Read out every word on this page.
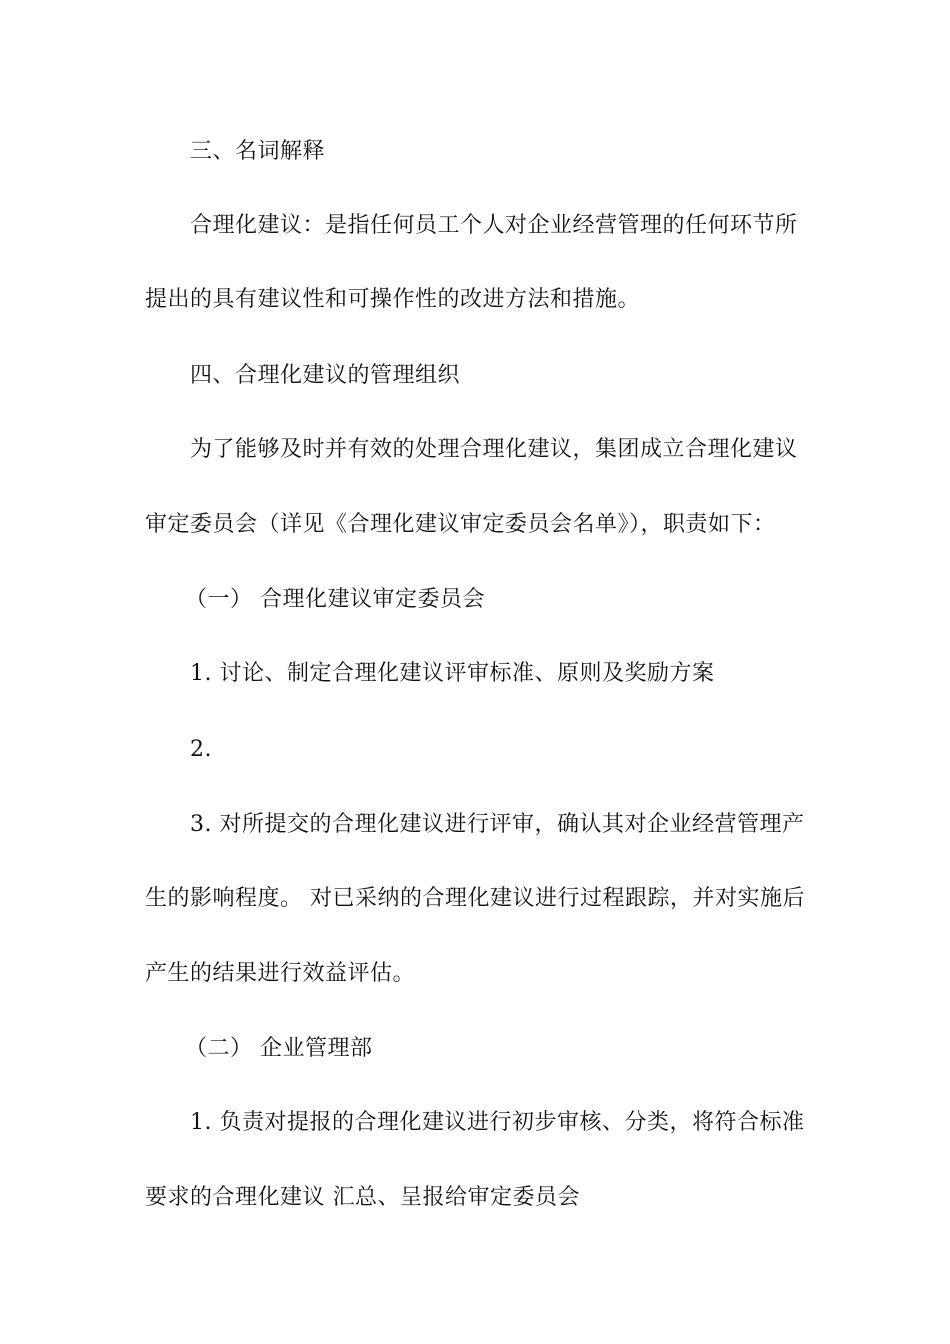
三、名词解释
合理化建议：是指任何员工个人对企业经营管理的任何环节所
提出的具有建议性和可操作性的改进方法和措施。
四、合理化建议的管理组织
为了能够及时并有效的处理合理化建议，集团成立合理化建议
审定委员会（详见《合理化建议审定委员会名单》），职责如下：
（一） 合理化建议审定委员会
1. 讨论、制定合理化建议评审标准、原则及奖励方案
2.
3. 对所提交的合理化建议进行评审，确认其对企业经营管理产
生的影响程度。 对已采纳的合理化建议进行过程跟踪，并对实施后
产生的结果进行效益评估。
（二） 企业管理部
1. 负责对提报的合理化建议进行初步审核、分类，将符合标准
要求的合理化建议 汇总、呈报给审定委员会
